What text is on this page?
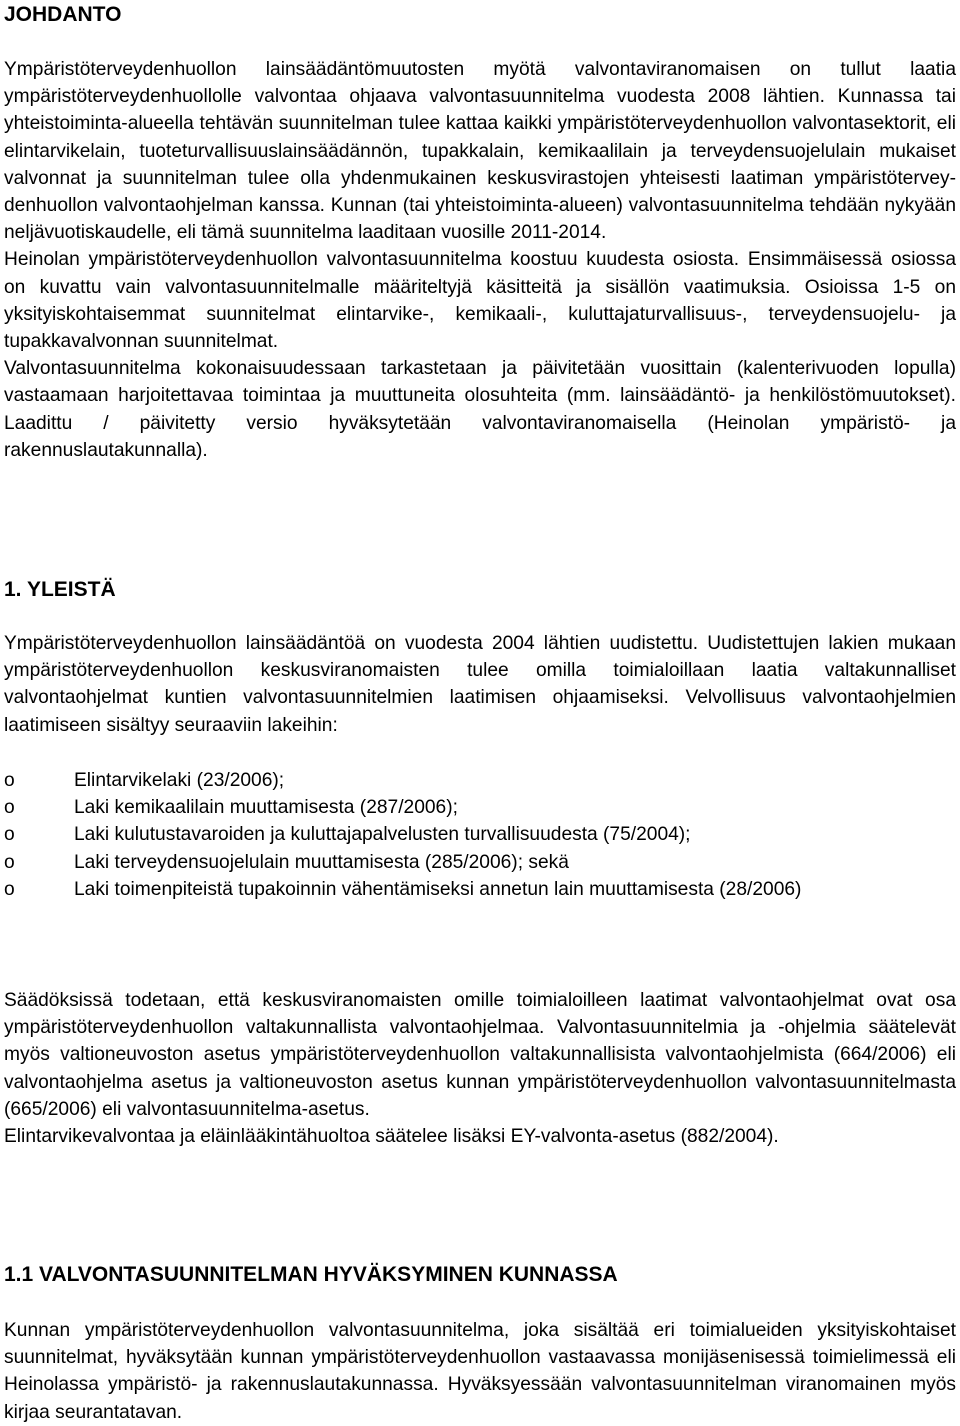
JOHDANTO

Ympäristöterveydenhuollon lainsäädäntömuutosten myötä valvontaviranomaisen on tullut laatia ympäristöterveydenhuollolle valvontaa ohjaava valvontasuunnitelma vuodesta 2008 lähtien. Kunnassa tai yhteistoiminta-alueella tehtävän suunnitelman tulee kattaa kaikki ympäristöterveydenhuollon valvontasektorit, eli elintarvikelain, tuoteturvallisuuslainsäädännön, tupakkalain, kemikaalilain ja terveydensuojelulain mukaiset valvonnat ja suunnitelman tulee olla yhdenmukainen keskusvirastojen yhteisesti laatiman ympäristöterveydenhuollon valvontaohjelman kanssa. Kunnan (tai yhteistoiminta-alueen) valvontasuunnitelma tehdään nykyään neljävuotiskaudelle, eli tämä suunnitelma laaditaan vuosille 2011-2014.

Heinolan ympäristöterveydenhuollon valvontasuunnitelma koostuu kuudesta osiosta. Ensimmäisessä osiossa on kuvattu vain valvontasuunnitelmalle määriteltyjä käsitteitä ja sisällön vaatimuksia. Osioissa 1-5 on yksityiskohtaisemmat suunnitelmat elintarvike-, kemikaali-, kuluttajaturvallisuus-, terveydensuojelu- ja tupakkavalvonnan suunnitelmat.

Valvontasuunnitelma kokonaisuudessaan tarkastetaan ja päivitetään vuosittain (kalenterivuoden lopulla) vastaamaan harjoitettavaa toimintaa ja muuttuneita olosuhteita (mm. lainsäädäntö- ja henkilöstömuutokset). Laadittu / päivitetty versio hyväksytetään valvontaviranomaisella (Heinolan ympäristö- ja rakennuslautakunnalla).

1. YLEISTÄ

Ympäristöterveydenhuollon lainsäädäntöä on vuodesta 2004 lähtien uudistettu. Uudistettujen lakien mukaan ympäristöterveydenhuollon keskusviranomaisten tulee omilla toimialoillaan laatia valtakunnalliset valvontaohjelmat kuntien valvontasuunnitelmien laatimisen ohjaamiseksi. Velvollisuus valvontaohjelmien laatimiseen sisältyy seuraaviin lakeihin:

o	Elintarvikelaki (23/2006);
o	Laki kemikaalilain muuttamisesta (287/2006);
o	Laki kulutustavaroiden ja kuluttajapalvelusten turvallisuudesta (75/2004);
o	Laki terveydensuojelulain muuttamisesta (285/2006); sekä
o	Laki toimenpiteistä tupakoinnin vähentämiseksi annetun lain muuttamisesta (28/2006)

Säädöksissä todetaan, että keskusviranomaisten omille toimialoilleen laatimat valvontaohjelmat ovat osa ympäristöterveydenhuollon valtakunnallista valvontaohjelmaa. Valvontasuunnitelmia ja -ohjelmia säätelevät myös valtioneuvoston asetus ympäristöterveydenhuollon valtakunnallisista valvontaohjelmista (664/2006) eli valvontaohjelma asetus ja valtioneuvoston asetus kunnan ympäristöterveydenhuollon valvontasuunnitelmasta (665/2006) eli valvontasuunnitelma-asetus.

Elintarvikevalvontaa ja eläinlääkintähuoltoa säätelee lisäksi EY-valvonta-asetus (882/2004).

1.1 VALVONTASUUNNITELMAN HYVÄKSYMINEN KUNNASSA

Kunnan ympäristöterveydenhuollon valvontasuunnitelma, joka sisältää eri toimialueiden yksityiskohtaiset suunnitelmat, hyväksytään kunnan ympäristöterveydenhuollon vastaavassa monijäsenisessä toimielimessä eli Heinolassa ympäristö- ja rakennuslautakunnassa. Hyväksyessään valvontasuunnitelman viranomainen myös kirjaa seurantatavan.
